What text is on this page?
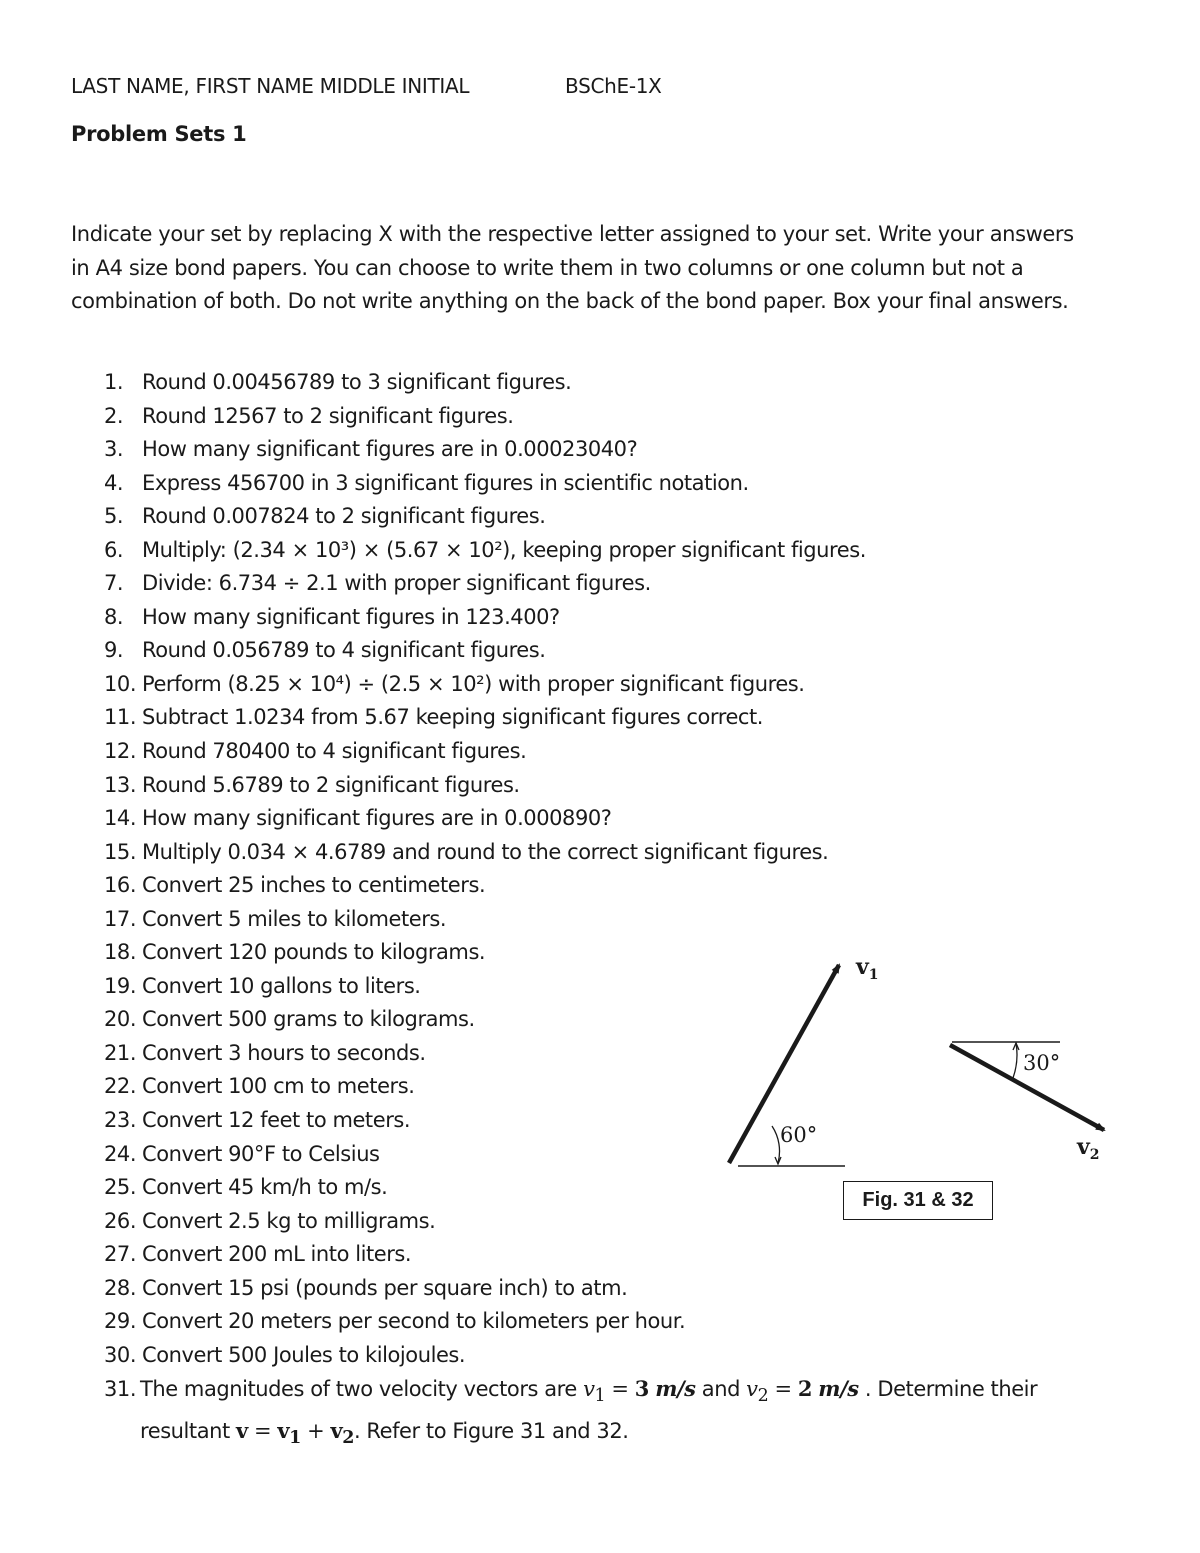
LAST NAME, FIRST NAME MIDDLE INITIAL	BSChE-1X
Problem Sets 1
Indicate your set by replacing X with the respective letter assigned to your set. Write your answers in A4 size bond papers. You can choose to write them in two columns or one column but not a combination of both. Do not write anything on the back of the bond paper. Box your final answers.
1. Round 0.00456789 to 3 significant figures.
2. Round 12567 to 2 significant figures.
3. How many significant figures are in 0.00023040?
4. Express 456700 in 3 significant figures in scientific notation.
5. Round 0.007824 to 2 significant figures.
6. Multiply: (2.34 × 10³) × (5.67 × 10²), keeping proper significant figures.
7. Divide: 6.734 ÷ 2.1 with proper significant figures.
8. How many significant figures in 123.400?
9. Round 0.056789 to 4 significant figures.
10. Perform (8.25 × 10⁴) ÷ (2.5 × 10²) with proper significant figures.
11. Subtract 1.0234 from 5.67 keeping significant figures correct.
12. Round 780400 to 4 significant figures.
13. Round 5.6789 to 2 significant figures.
14. How many significant figures are in 0.000890?
15. Multiply 0.034 × 4.6789 and round to the correct significant figures.
16. Convert 25 inches to centimeters.
17. Convert 5 miles to kilometers.
18. Convert 120 pounds to kilograms.
19. Convert 10 gallons to liters.
20. Convert 500 grams to kilograms.
21. Convert 3 hours to seconds.
22. Convert 100 cm to meters.
23. Convert 12 feet to meters.
24. Convert 90°F to Celsius
25. Convert 45 km/h to m/s.
26. Convert 2.5 kg to milligrams.
27. Convert 200 mL into liters.
28. Convert 15 psi (pounds per square inch) to atm.
29. Convert 20 meters per second to kilometers per hour.
30. Convert 500 Joules to kilojoules.
31. The magnitudes of two velocity vectors are $v_1 = 3$ m/s and $v_2 = 2$ m/s . Determine their
resultant $v = v_1 + v_2$. Refer to Figure 31 and 32.
60°
$v_1$
30°
$v_2$
Fig. 31 & 32
